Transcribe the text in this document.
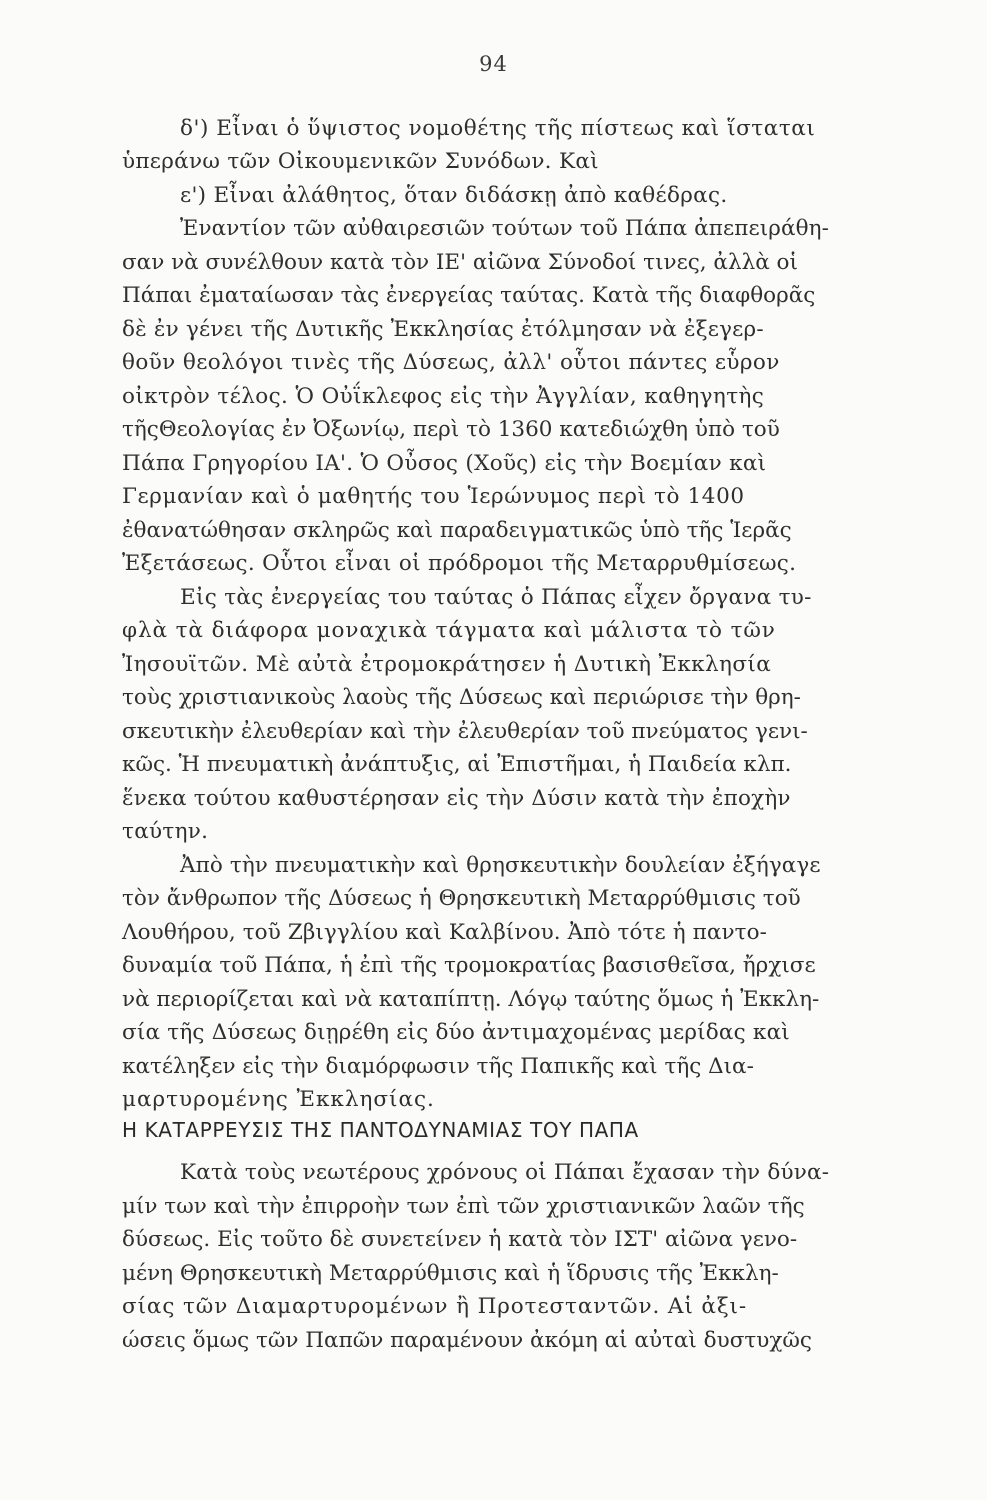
94
δ') Εἶναι ὁ ὕψιστος νομοθέτης τῆς πίστεως καὶ ἵσταται
ὑπεράνω τῶν Οἰκουμενικῶν Συνόδων. Καὶ
ε') Εἶναι ἀλάθητος, ὅταν διδάσκῃ ἀπὸ καθέδρας.
Ἐναντίον τῶν αὐθαιρεσιῶν τούτων τοῦ Πάπα ἀπεπειράθη-
σαν νὰ συνέλθουν κατὰ τὸν ΙΕ' αἰῶνα Σύνοδοί τινες, ἀλλὰ οἱ
Πάπαι ἐματαίωσαν τὰς ἐνεργείας ταύτας. Κατὰ τῆς διαφθορᾶς
δὲ ἐν γένει τῆς Δυτικῆς Ἐκκλησίας ἐτόλμησαν νὰ ἐξεγερ-
θοῦν θεολόγοι τινὲς τῆς Δύσεως, ἀλλ' οὗτοι πάντες εὗρον
οἰκτρὸν τέλος. Ὁ Οὐΐκλεφος εἰς τὴν Ἀγγλίαν, καθηγητὴς
τῆςΘεολογίας ἐν Ὀξωνίῳ, περὶ τὸ 1360 κατεδιώχθη ὑπὸ τοῦ
Πάπα Γρηγορίου ΙΑ'. Ὁ Οὖσος (Χοῦς) εἰς τὴν Βοεμίαν καὶ
Γερμανίαν καὶ ὁ μαθητής του Ἱερώνυμος περὶ τὸ 1400
ἐθανατώθησαν σκληρῶς καὶ παραδειγματικῶς ὑπὸ τῆς Ἱερᾶς
Ἐξετάσεως. Οὗτοι εἶναι οἱ πρόδρομοι τῆς Μεταρρυθμίσεως.
Εἰς τὰς ἐνεργείας του ταύτας ὁ Πάπας εἶχεν ὄργανα τυ-
φλὰ τὰ διάφορα μοναχικὰ τάγματα καὶ μάλιστα τὸ τῶν
Ἰησουϊτῶν. Μὲ αὐτὰ ἐτρομοκράτησεν ἡ Δυτικὴ Ἐκκλησία
τοὺς χριστιανικοὺς λαοὺς τῆς Δύσεως καὶ περιώρισε τὴν θρη-
σκευτικὴν ἐλευθερίαν καὶ τὴν ἐλευθερίαν τοῦ πνεύματος γενι-
κῶς. Ἡ πνευματικὴ ἀνάπτυξις, αἱ Ἐπιστῆμαι, ἡ Παιδεία κλπ.
ἕνεκα τούτου καθυστέρησαν εἰς τὴν Δύσιν κατὰ τὴν ἐποχὴν
ταύτην.
Ἀπὸ τὴν πνευματικὴν καὶ θρησκευτικὴν δουλείαν ἐξήγαγε
τὸν ἄνθρωπον τῆς Δύσεως ἡ Θρησκευτικὴ Μεταρρύθμισις τοῦ
Λουθήρου, τοῦ Ζβιγγλίου καὶ Καλβίνου. Ἀπὸ τότε ἡ παντο-
δυναμία τοῦ Πάπα, ἡ ἐπὶ τῆς τρομοκρατίας βασισθεῖσα, ἤρχισε
νὰ περιορίζεται καὶ νὰ καταπίπτῃ. Λόγῳ ταύτης ὅμως ἡ Ἐκκλη-
σία τῆς Δύσεως διῃρέθη εἰς δύο ἀντιμαχομένας μερίδας καὶ
κατέληξεν εἰς τὴν διαμόρφωσιν τῆς Παπικῆς καὶ τῆς Δια-
μαρτυρομένης Ἐκκλησίας.
Η ΚΑΤΑΡΡΕΥΣΙΣ ΤΗΣ ΠΑΝΤΟΔΥΝΑΜΙΑΣ ΤΟΥ ΠΑΠΑ
Κατὰ τοὺς νεωτέρους χρόνους οἱ Πάπαι ἔχασαν τὴν δύνα-
μίν των καὶ τὴν ἐπιρροὴν των ἐπὶ τῶν χριστιανικῶν λαῶν τῆς
δύσεως. Εἰς τοῦτο δὲ συνετείνεν ἡ κατὰ τὸν ΙΣΤ' αἰῶνα γενο-
μένη Θρησκευτικὴ Μεταρρύθμισις καὶ ἡ ἵδρυσις τῆς Ἐκκλη-
σίας τῶν Διαμαρτυρομένων ἢ Προτεσταντῶν. Αἱ ἀξι-
ώσεις ὅμως τῶν Παπῶν παραμένουν ἀκόμη αἱ αὐταὶ δυστυχῶς
